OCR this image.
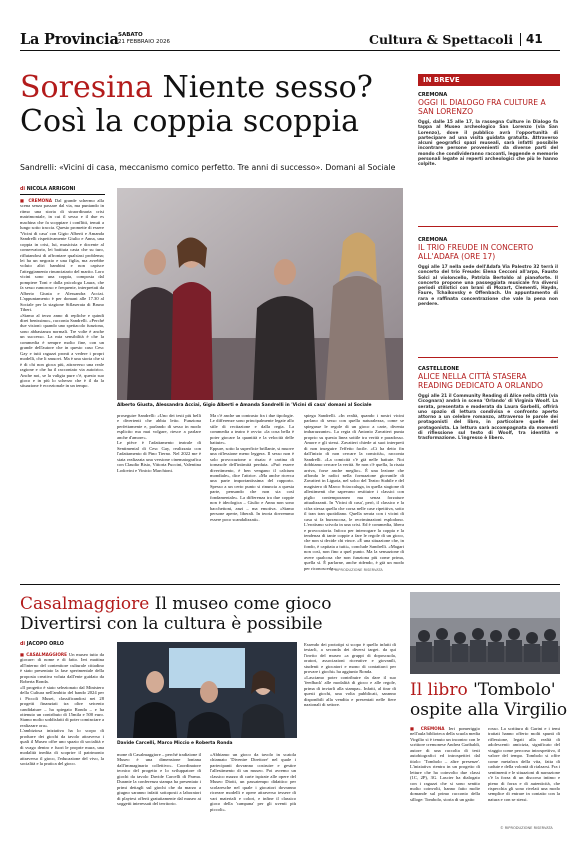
La Provincia SABATO
21 FEBBRAIO 2026	Cultura & Spettacoli 41
Soresina Niente sesso?
Così la coppia scoppia
Sandrelli: «Vicini di casa, meccanismo comico perfetto. Tre anni di successo». Domani al Sociale
di NICOLA ARRIGONI

■ CREMONA Dal grande schermo alla scena senza passare dal via, ma puntando in ritmo una storia di straordinaria crisi matrimoniale, in cui il sesso e il due es machina che fa scoppiare i conflitti, tenuti a lungo sotto traccia. Questo promette di essere 'Vicini di casa' con Gigio Alberti e Amanda Sandrelli rispettivamente Giulio e Anna, una coppia in crisi, lui, musicista e docente al conservatorio, lei battiuta casta che su turo, riflutandosi di affrontare qualsiasi problema; lei ha un negozio e una figlia, ma avrebbe voluto altri bambini e non capisce l'atteggiamento rinunciatario del marito. Loro vicini sono una coppia, composta dal pompiere Toni e dalla psicologa Laura, che fa sesso rumoroso e frequente, interpretati da Alberto Giusta e Alessandra Acciai. L'appuntamento è per domani alle 17.30 al Sociale per la stagione Siflaserata di Bruno Tiberi.

«Siamo al terzo anno di repliche e quindi direi benissimo», racconta Sandrelli. «Perché due visioni: quando uno spettacolo funziona, sono abbastanza normali. Tre volte è anche un successo. La mia sensibilità è che la commedia è sempre molto fine, con un grande dell'autore che in questo caso Cesc Gay e tutti ragazzi pronti a vedere i propri modelli, che li smuovi. Ma è una storia che si è di chi non gioca più, attraverso una reale ragione e che ha il raccontato via autoirico. Anche noi, se la valigia pure c'è, questo suo gioco e in più lo scherzo che è il da la situazione è eccezionale in un tempo.

Alberto Giusta, Alessandra Acciai, Gigio Alberti e Amanda Sandrelli in 'Vicini di casa' domani al Sociale

proseguire Sandrelli: «Uno dei testi più belli e divertenti che abbia letto. Funziona perfettamente e, parlando di sesso in modo esplicito ma mai volgare, riesce a parlare anche d'amore».

Le pièce è l'adattamento teatrale di Sentimental di Cesc Gay, realizzata con l'adattamento di Pino Tierno. Nel 2022 me è stata realizzata una versione cinematografica con Claudio Bisio, Vittoria Puccini, Valentina Lodovini e Vinicio Marchioni.

Ma c'è anche un contrasto fra i due tipologie. Le differenze sono principalmente legate allo stile di recitazione e dalla regia. La commedia a teatro è ovvia: «la cosa bella è poter giocare la quantità e la velocità delle battute».

Eppure, sotto la superficie brillante, si muove una riflessione meno leggera. Il sesso non è solo provocazione o risata: è cartina di tornasole dell'intimità perduta. «Può essere divertimento, è ben vengano il calcium mondiale», dice l'attrice. «Ma anche ricerca una parte importantissima del rapporto. Spesso a un certo punto si rinuncia a questa parte, pensando che non sia così fondamentale». La differenza tra due coppie non è ideologica – Giulio e Anna non sono bacchettoni, anzi – ma emotiva. «Siamo persone aperte, liberali. In teoria dovremmo essere poco scandalizzati».

spiega Sandrelli. «In realtà, quando i nostri vicini parlano di sesso con quella naturalezza, come se spiegasse le regole di un gioco a carte, diventa imbarazzante». La regia di Antonio Zavatteri punta proprio su questa linea sottile tra verità e paradosso. Amore e gli stessi. Zavatteri chiede ai suoi interpreti di non inseguire l'effetto facile. «Ci ha detto fin dall'inizio di non cercare la comicità», racconta Sandrelli. «La comicità c'è già nelle battute. Noi dobbiamo cercare la verità. Se non c'è quella, la risata arriva, forse anche meglio». È una lezione che affonda le radici nella formazione giovanile di Zavatteri in Liguria, nel solco del Teatro Stabile e del magistero di Marco Sciaccaluga, in quella stagione di allestimenti che sapevano restituire i classici con piglio contemporaneo ma senza forzature attualizzanti. In 'Vicini di casa', però, il classico e la cifra stessa quella che corsa nelle case ripetitiva, sotto il tran tran quotidiano. Quella serata con i vicini di casa si fa burrascosa, le recriminazioni esplodono. L'erotismo scivola in una crisi. Ed è commedia, libera e provocatoria. Infoco per interrogare la coppia e la tendenza di tante coppie a fare le regole di un gioco, che non si decide chi vince. «È una situazione che, in fondo, è capitata a tutti», conclude Sandrelli. «Magari non così, non fino a quel punto. Ma la sensazione di avere qualcosa che non funziona più come prima, quella sì. È parlarne, anche ridendo, è già un modo per riconoscerla».

© RIPRODUZIONE RISERVATA
IN BREVE
CREMONA
OGGI IL DIALOGO FRA CULTURE A SAN LORENZO
Oggi, dalle 15 alle 17, la rassegna Culture in Dialogo fa tappa al Museo archeologico San Lorenzo (via San Lorenzo), dove il pubblico avrà l'opportunità di partecipare ad una visita guidata gratuita. Attraverso alcuni geografici spazi museali, sarà infatti possibile incontrare persone provenienti da diverse parti del mondo che condivideranno racconti, leggende e memorie personali legate ai reperti archeologici che più le hanno colpite.
CREMONA
IL TRIO FREUDE IN CONCERTO ALL'ADAFA (ORE 17)
Oggi alle 17 nella sede dell'Adafa Via Palestro 32 terrà il concerto del trio Freude: Elena Cecconi all'arpa, Fausto Solci al violoncello, Patrizia Bertoldo al pianoforte. Il concerto propone una passeggiata musicale fra diversi periodi stilistici con brani di Mozart, Clementi, Haydn, Faure, Tchaikovsky e Offenbach. Un appuntamento di rara e raffinata concentrazione che vale la pena non perdere.
CASTELLEONE
ALICE NELLA CITTÀ STASERA READING DEDICATO A ORLANDO
Oggi alle 21 il Community Reading di Alice nella città (via Cicognara) andrà in scena 'Orlando' di Virginia Woolf. La serata, presentata e moderata da Laura Garbelli, offrirà uno spazio di lettura condivisa e confronto aperto attorno a un celebre romanzo, attraverso le parole dei protagonisti del libro, in particolare quelle del protagonista. La lettura sarà accompagnata da momenti di riflessione sul testo di Woolf, tra identità e trasformazione. L'ingresso è libero.
Casalmaggiore Il museo come gioco
Divertirsi con la cultura è possibile
di JACOPO ORLO

■ CASALMAGGIORE Un museo tutto da giocare: di nome e di fatto. Ieri mattina all'interno del contenitore culturale cittadino è stato presentato la fase sperimentale della proposta creativa voluta dall'ente guidato da Roberta Ronda.

«Il progetto è stato selezionato dal Ministero della Cultura nell'ambito del bando 2024 per i Piccoli Musei, classificandosi nei 28 progetti finanziati tra oltre seicento candidature – ha spiegato Ronda – e ha ottenuto un contributo di 15mila e 500 euro. Siamo molto soddisfatti di poter cominciare a realizzare ora».

L'ambiziosa iniziativa ha lo scopo di produrre dei giochi da tavolo attraverso i quali il Museo offre uno spazio di socialità e di svago dentro e fuori le proprie mura, una modalità inedita di scoprire il patrimonio attraverso il gioco, l'educazione del vivo, la socialità e la pratica del gioco.

Davide Carcelli, Marco Miccio e Roberta Ronda

mone di Casalmaggiore – perché tradizione il Museo è una dimensione lontana dall'immaginario collettivo». Coordinatore tecnico del progetto e lo sviluppatore di giochi da tavolo Davide Carcelli di Parma. Durante la conferenza stampa ha presentato i primi dettagli sul giochi che da marzo a giugno saranno infatti sottoposti a laboratori di playtest offerti gratuitamente dal museo ai soggetti interessati del territorio.

«Abbiamo un gioco da tavolo in scatola chiamato 'Divenire Direttore' nel quale i partecipanti dovranno costruire e gestire l'allestimento di un museo. Poi avremo un classico mazzo di carte ispirate alle opere del Museo Diotti, un passatempo didattico per scolaresche nel quale i giocatori dovranno ricreare modelli e opere attraverso tessere di vari materiali e colori, e infine il classico gioco della 'campana' per gli uventi più piccoli».

Essendo dei prototipi si scopo è quello infatti di testarli, a seconda dei diversi target. da qui l'invito del museo «a gruppi di doposcuola, oratori, associazioni ricreative e giovanili, studenti e giocatori e mono di contattarci per provare i giochi» ha aggiunto Ronda.

«Lasciamo poter contribuire da dare il suo 'feedback' alle modalità di gioco e alle regole, prima di inviarli alla stampa». Infatti, al tirar di questi giochi, una volta pubblicati, saranno disponibili alla vendita e presentati nelle fiere nazionali di settore.

Il libro 'Tombolo'
ospite alla Virgilio

■ CREMONA Ieri pomeriggio nell'aula biblioteca della scuola media Virgilio si è tenuto un incontro con le scrittore cremonese Andrea Garibaldi, autore di una raccolta di testi autobiografici ed introspettivi dal titolo: 'Tombolo – altre presenze'. L'iniziativa rientra in un progetto di letture che ha coinvolto due classi (1C, 2P), 3G. Lascier ha dialogato con i ragazzi che si sono sentito molto coinvolti, hanno fatto molte domande sul primo racconto della silloge: Tombolo, storia di un gatto

rosso. La scrittura di Garini e i temi trattati hanno offerto molti spunti di riflessione, legati alla realtà di adolescenti: amicizia, significato del viaggio come percorso introspettivo, il valore del tempo. Tombolo si offre come metafora della vita, fatta di cadute e della volontà di rialzarsi. Fra i sentimenti e le situazioni di narrazione c'è la forza di un discorso intimo e pieno di forza e di autenticità, che rispecchia gli sono rivelati una modo semplice di entrare in contatto con la natura e con se stessi.

© RIPRODUZIONE RISERVATA
